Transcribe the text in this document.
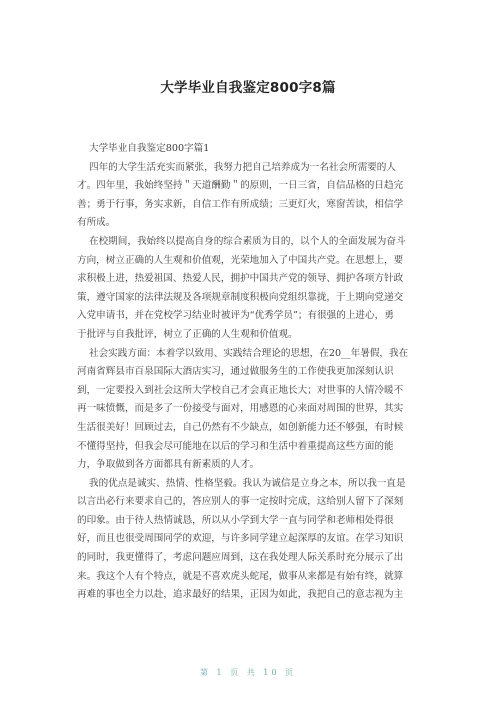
大学毕业自我鉴定800字8篇
大学毕业自我鉴定800字篇1
四年的大学生活充实而紧张，我努力把自己培养成为一名社会所需要的人
才。四年里，我始终坚持＂天道酬勤＂的原则，一日三省，自信品格的日趋完
善；勇于行事，务实求新，自信工作有所成绩；三更灯火，寒窗苦读，相信学
有所成。
在校期间，我始终以提高自身的综合素质为目的，以个人的全面发展为奋斗
方向，树立正确的人生观和价值观，光荣地加入了中国共产党。在思想上，要
求积极上进，热爱祖国、热爱人民，拥护中国共产党的领导、拥护各项方针政
策，遵守国家的法律法规及各项规章制度积极向党组织靠拢，于上期向党递交
入党申请书，并在党校学习结业时被评为“优秀学员”；有很强的上进心，勇
于批评与自我批评，树立了正确的人生观和价值观。
社会实践方面：本着学以致用、实践结合理论的思想，在20__年暑假，我在
河南省辉县市百泉国际大酒店实习，通过做服务生的工作使我更加深刻认识
到，一定要投入到社会这所大学校自己才会真正地长大；对世事的人情冷暖不
再一味愤慨，而是多了一份接受与面对，用感恩的心来面对周围的世界，其实
生活很美好！回顾过去，自己仍然有不少缺点，如创新能力还不够强，有时候
不懂得坚持，但我会尽可能地在以后的学习和生活中着重提高这些方面的能
力，争取做到各方面都具有新素质的人才。
我的优点是诚实、热情、性格坚毅。我认为诚信是立身之本，所以我一直是
以言出必行来要求自己的，答应别人的事一定按时完成，这给别人留下了深刻
的印象。由于待人热情诚恳，所以从小学到大学一直与同学和老师相处得很
好，而且也很受周围同学的欢迎，与许多同学建立起深厚的友谊。在学习知识
的同时，我更懂得了，考虑问题应周到，这在我处理人际关系时充分展示了出
来。我这个人有个特点，就是不喜欢虎头蛇尾，做事从来都是有始有终，就算
再难的事也全力以赴，追求最好的结果，正因为如此，我把自己的意志视为主
第 1 页 共 10 页
